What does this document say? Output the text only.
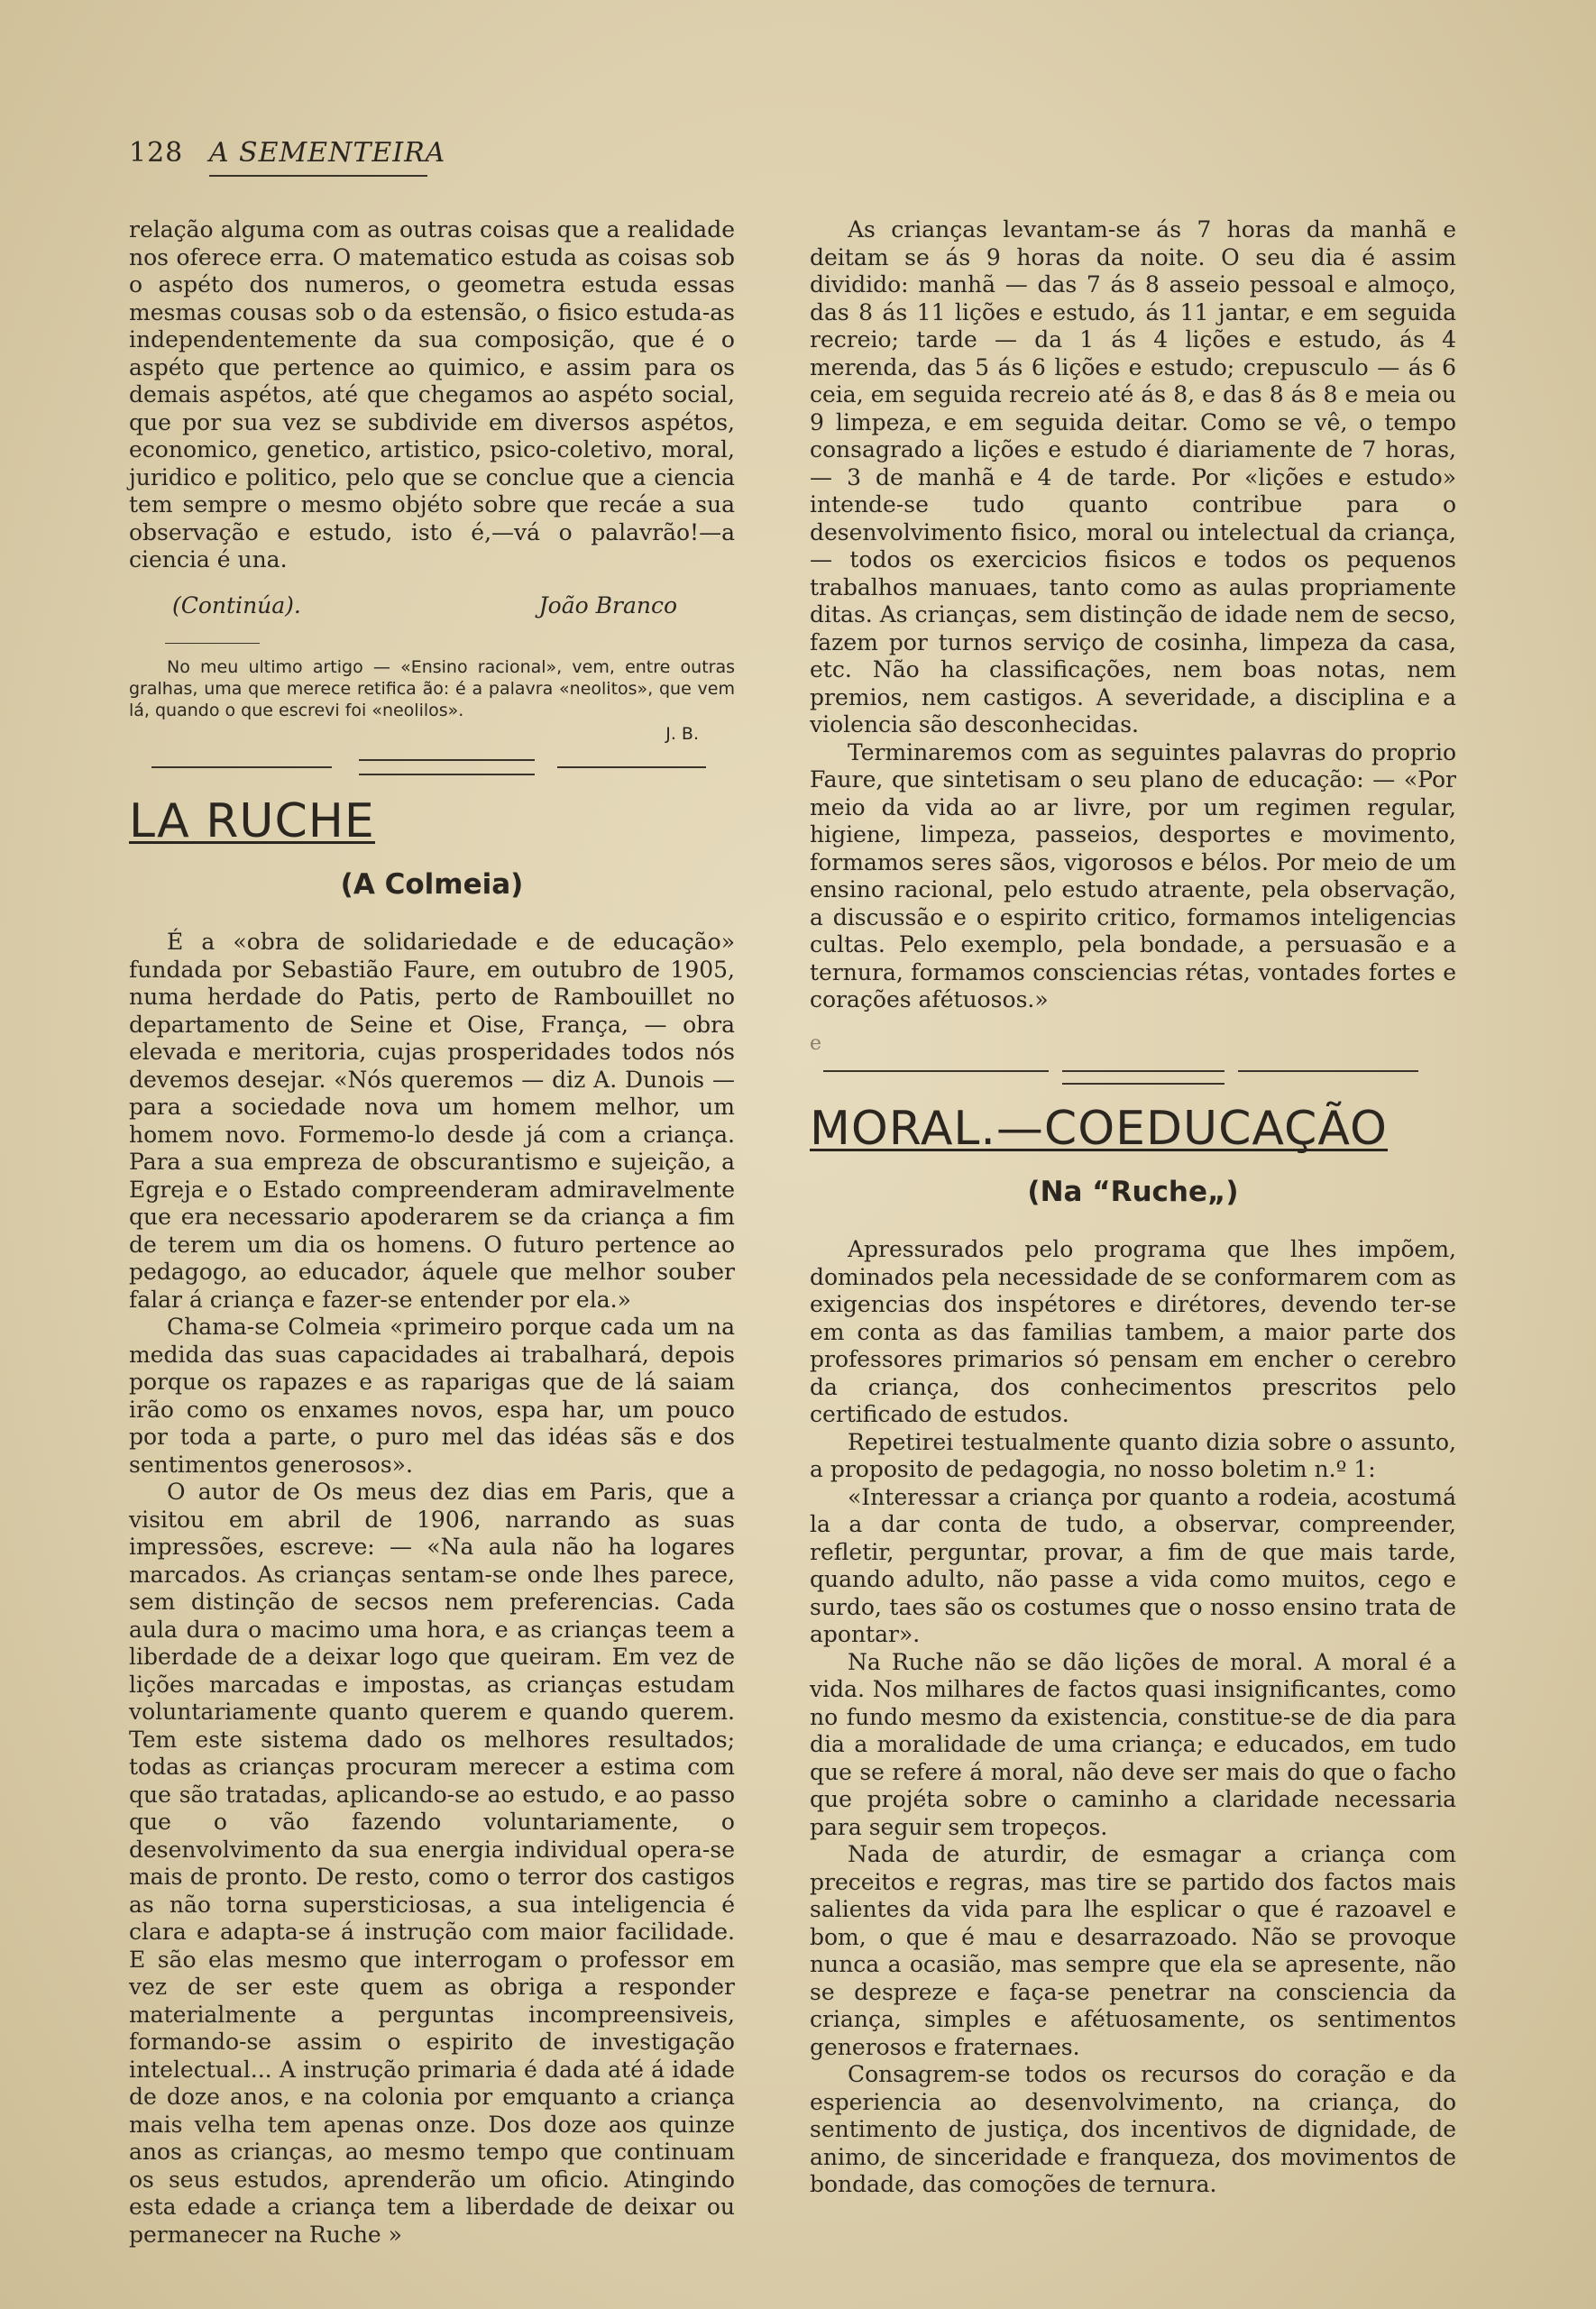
128 A SEMENTEIRA

relação alguma com as outras coisas que a realidade nos oferece erra. O matematico estuda as coisas sob o aspéto dos numeros, o geometra estuda essas mesmas cousas sob o da estensão, o fisico estuda-as independentemente da sua composição, que é o aspéto que pertence ao quimico, e assim para os demais aspétos, até que chegamos ao aspéto social, que por sua vez se subdivide em diversos aspétos, economico, genetico, artistico, psico-coletivo, moral, juridico e politico, pelo que se conclue que a ciencia tem sempre o mesmo objéto sobre que recáe a sua observação e estudo, isto é,—vá o palavrão!—a ciencia é una.

(Continúa).	João Branco
No meu ultimo artigo — «Ensino racional», vem, entre outras gralhas, uma que merece retifica ão: é a palavra «neolitos», que vem lá, quando o que escrevi foi «neolilos».
J. B.
LA RUCHE
(A Colmeia)

É a «obra de solidariedade e de educação» fundada por Sebastião Faure, em outubro de 1905, numa herdade do Patis, perto de Rambouillet no departamento de Seine et Oise, França, — obra elevada e meritoria, cujas prosperidades todos nós devemos desejar. «Nós queremos — diz A. Dunois — para a sociedade nova um homem melhor, um homem novo. Formemo-lo desde já com a criança. Para a sua empreza de obscurantismo e sujeição, a Egreja e o Estado compreenderam admiravelmente que era necessario apoderarem se da criança a fim de terem um dia os homens. O futuro pertence ao pedagogo, ao educador, áquele que melhor souber falar á criança e fazer-se entender por ela.»

Chama-se Colmeia «primeiro porque cada um na medida das suas capacidades ai trabalhará, depois porque os rapazes e as raparigas que de lá saiam irão como os enxames novos, espa har, um pouco por toda a parte, o puro mel das idéas sãs e dos sentimentos generosos».

O autor de Os meus dez dias em Paris, que a visitou em abril de 1906, narrando as suas impressões, escreve: — «Na aula não ha logares marcados. As crianças sentam-se onde lhes parece, sem distinção de secsos nem preferencias. Cada aula dura o macimo uma hora, e as crianças teem a liberdade de a deixar logo que queiram. Em vez de lições marcadas e impostas, as crianças estudam voluntariamente quanto querem e quando querem. Tem este sistema dado os melhores resultados; todas as crianças procuram merecer a estima com que são tratadas, aplicando-se ao estudo, e ao passo que o vão fazendo voluntariamente, o desenvolvimento da sua energia individual opera-se mais de pronto. De resto, como o terror dos castigos as não torna supersticiosas, a sua inteligencia é clara e adapta-se á instrução com maior facilidade. E são elas mesmo que interrogam o professor em vez de ser este quem as obriga a responder materialmente a perguntas incompreensiveis, formando-se assim o espirito de investigação intelectual... A instrução primaria é dada até á idade de doze anos, e na colonia por emquanto a criança mais velha tem apenas onze. Dos doze aos quinze anos as crianças, ao mesmo tempo que continuam os seus estudos, aprenderão um oficio. Atingindo esta edade a criança tem a liberdade de deixar ou permanecer na Ruche »

As crianças levantam-se ás 7 horas da manhã e deitam se ás 9 horas da noite. O seu dia é assim dividido: manhã — das 7 ás 8 asseio pessoal e almoço, das 8 ás 11 lições e estudo, ás 11 jantar, e em seguida recreio; tarde — da 1 ás 4 lições e estudo, ás 4 merenda, das 5 ás 6 lições e estudo; crepusculo — ás 6 ceia, em seguida recreio até ás 8, e das 8 ás 8 e meia ou 9 limpeza, e em seguida deitar. Como se vê, o tempo consagrado a lições e estudo é diariamente de 7 horas, — 3 de manhã e 4 de tarde. Por «lições e estudo» intende-se tudo quanto contribue para o desenvolvimento fisico, moral ou intelectual da criança, — todos os exercicios fisicos e todos os pequenos trabalhos manuaes, tanto como as aulas propriamente ditas. As crianças, sem distinção de idade nem de secso, fazem por turnos serviço de cosinha, limpeza da casa, etc. Não ha classificações, nem boas notas, nem premios, nem castigos. A severidade, a disciplina e a violencia são desconhecidas.

Terminaremos com as seguintes palavras do proprio Faure, que sintetisam o seu plano de educação: — «Por meio da vida ao ar livre, por um regimen regular, higiene, limpeza, passeios, desportes e movimento, formamos seres sãos, vigorosos e bélos. Por meio de um ensino racional, pelo estudo atraente, pela observação, a discussão e o espirito critico, formamos inteligencias cultas. Pelo exemplo, pela bondade, a persuasão e a ternura, formamos consciencias rétas, vontades fortes e corações afétuosos.»

e
MORAL.—COEDUCAÇÃO
(Na “Ruche„)

Apressurados pelo programa que lhes impõem, dominados pela necessidade de se conformarem com as exigencias dos inspétores e dirétores, devendo ter-se em conta as das familias tambem, a maior parte dos professores primarios só pensam em encher o cerebro da criança, dos conhecimentos prescritos pelo certificado de estudos.

Repetirei testualmente quanto dizia sobre o assunto, a proposito de pedagogia, no nosso boletim n.º 1:

«Interessar a criança por quanto a rodeia, acostumá la a dar conta de tudo, a observar, compreender, refletir, perguntar, provar, a fim de que mais tarde, quando adulto, não passe a vida como muitos, cego e surdo, taes são os costumes que o nosso ensino trata de apontar».

Na Ruche não se dão lições de moral. A moral é a vida. Nos milhares de factos quasi insignificantes, como no fundo mesmo da existencia, constitue-se de dia para dia a moralidade de uma criança; e educados, em tudo que se refere á moral, não deve ser mais do que o facho que projéta sobre o caminho a claridade necessaria para seguir sem tropeços.

Nada de aturdir, de esmagar a criança com preceitos e regras, mas tire se partido dos factos mais salientes da vida para lhe esplicar o que é razoavel e bom, o que é mau e desarrazoado. Não se provoque nunca a ocasião, mas sempre que ela se apresente, não se despreze e faça-se penetrar na consciencia da criança, simples e afétuosamente, os sentimentos generosos e fraternaes.

Consagrem-se todos os recursos do coração e da esperiencia ao desenvolvimento, na criança, do sentimento de justiça, dos incentivos de dignidade, de animo, de sinceridade e franqueza, dos movimentos de bondade, das comoções de ternura.
